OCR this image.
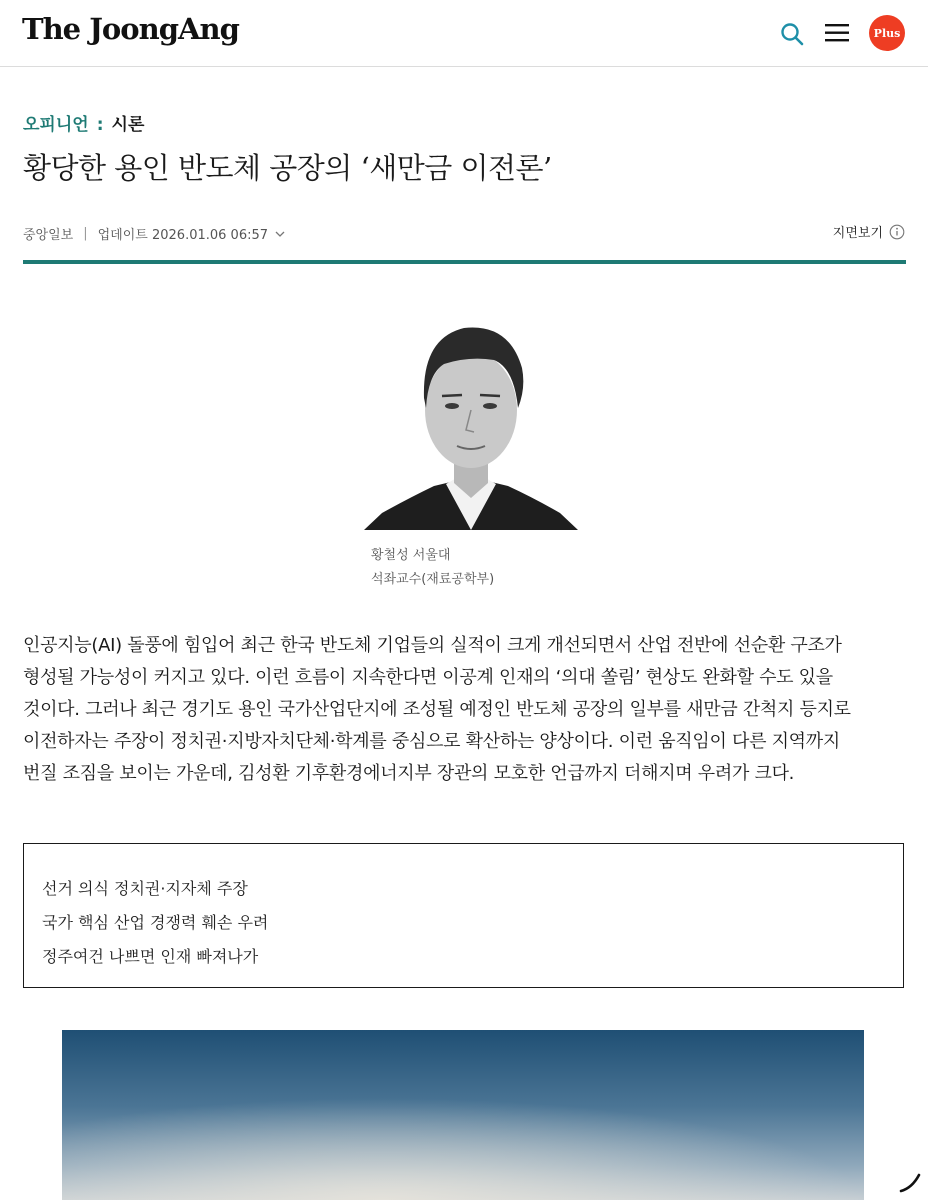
The JoongAng	Plus
오피니언 : 시론
황당한 용인 반도체 공장의 ‘새만금 이전론’
중앙일보 | 업데이트 2026.01.06 06:57	지면보기
황철성 서울대
석좌교수(재료공학부)
인공지능(AI) 돌풍에 힘입어 최근 한국 반도체 기업들의 실적이 크게 개선되면서 산업 전반에 선순환 구조가
형성될 가능성이 커지고 있다. 이런 흐름이 지속한다면 이공계 인재의 ‘의대 쏠림’ 현상도 완화할 수도 있을
것이다. 그러나 최근 경기도 용인 국가산업단지에 조성될 예정인 반도체 공장의 일부를 새만금 간척지 등지로
이전하자는 주장이 정치권·지방자치단체·학계를 중심으로 확산하는 양상이다. 이런 움직임이 다른 지역까지
번질 조짐을 보이는 가운데, 김성환 기후환경에너지부 장관의 모호한 언급까지 더해지며 우려가 크다.
선거 의식 정치권·지자체 주장
국가 핵심 산업 경쟁력 훼손 우려
정주여건 나쁘면 인재 빠져나가
